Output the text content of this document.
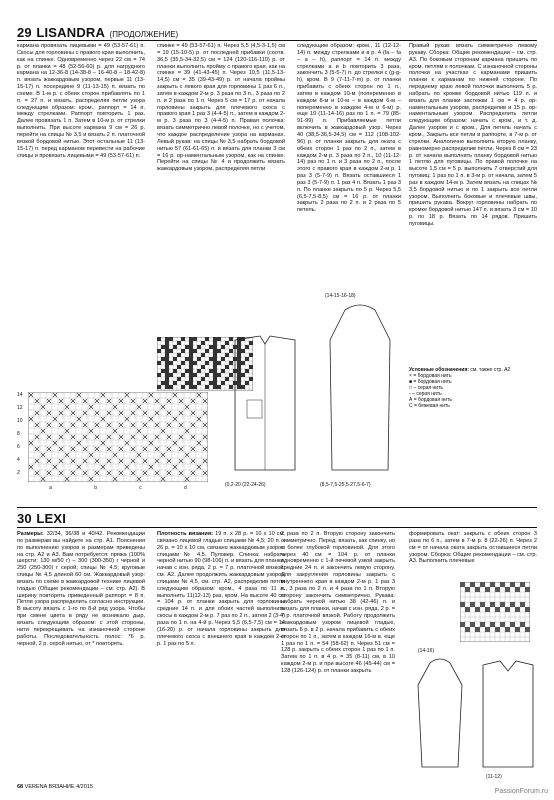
29 LISANDRA (ПРОДОЛЖЕНИЕ)
кармана провязать лицевыми = 49 (53-57-61) п. Скосы для горловины с правого края выполнить, как на спинке. Одновременно через 22 см = 74 р. от планки = 48 (52-56-60) р. для нагрудного кармана на 12-36-8 (14-38-8 – 16-40-8 – 18-42-8) п. вязать жаккардовым узором, первые 11 (13-15-17) п. посередине 9 (11-13-15) п. вязать по схеме. В 1-м р. с обеих сторон прибавлять по 1 п. = 27 п. и вязать, распределяя петли узора следующим образом: кром., раппорт = 14 п. между стрелками. Раппорт повторить 1 раз. Далее провязать 1 п. Затем в 10-м р. от стрелки выполнить. При высоте кармана 9 см = 26 р. перейти на спицы № 3,5 и вязать 2 п. платочной вязкой бордовой нитью. Этот остальные 11 (13-15-17) п. перед карманом перевести на рабочие спицы и провязать лицевыми = 49 (53-57-61) п.
спинке = 49 (53-57-61) п. Через 5,5 (4,5-3-1,5) см = 19 (15-10-5) р. от последней прибавки (соотв. 36,5 (35,5-34-32,5) см = 124 (120-116-110) р. от планки выполнить пройму с правого края, как на спинке = 39 (41-43-45) п. Через 10,5 (11,5-13-14,5) см = 35 (39-43-49) р. от начала проймы закрыть с левого края для горловины 1 раз 6 п., затем в каждом 2-м р. 3 раза по 3 п., 3 раза по 2 п. и 2 раза по 1 п. Через 5 см = 17 р. от начала горловины закрыть для плечевого скоса с правого края 1 раз 3 (4-4-5) п., затем в каждом 2-м р. 3 раза по 3 (4-4-5) п. Правая полочка: вязать симметрично левой полочке, но с учетом, что каждое распределение узора на карманах. Левый рукав: на спицы № 3,5 набрать бордовой нитью 57 (61-61-65) п. и вязать для планки 3 см = 16 р. ор-наментальным узором, как на спинке. Перейти на спицы № 4 и продолжить вязать жаккардовым узором, распределяя петли
следующим образом: кром., 11 (12-12-14) п. между стрелками и в р. 4 (fa – fa – a – h), раппорт = 14 п. между стрелками a и b повторить 3 раза, закончить 3 (5-5-7) п. до стрелки c (g-g-h), кром. В 9 (7-11-7-m) р. от планки прибавить с обеих сторон по 1 п., затем в каждом 10-м (попеременно в каждом 8-м и 10-м – в каждом 6-м – попеременно в каждом 4-м и 6-м) р. еще 10 (11-14-16) раз по 1 п. = 79 (85-91-99) п. Прибавляемые петли включить в жаккардовый узор. Через 40 (38,5-36,5-34,5) см = 112 (108-102-96) р. от планки закрыть для оката с обеих сторон 1 раз по 2 п., затем в каждом 2-м р. 3 раза по 2 п., 10 (11-12-14) раз по 1 п. и 3 раза по 2 п., после этого с правого края в каждом 2-м р. 1 раз 3 (5-7-9) п. Вязать оставшиеся 1 раз 3 (5-7-9) п. 1 раз 4 п. Вязать 1 раз 3 п. По планке закрыть по 5 р. Через 5,5 (6,5-7,5-8,5) см = 16 р. от планки закрыть 2 раза по 2 п. и 2 раза по 5 петель.
Правый рукав: вязать симметрично левому рукаву. Сборка: Общие рекомендации – см. стр. А3. По боковым сторонам кармана пришить по кром. петлям к полочкам. С изнаночной стороны полочки на участках с карманами пришить планки к карманам по нижней стороне. По переднему краю левой полочки выполнить 5 р. набрать по кромке бордовой нитью 119 п. и вязать для планки застежки 1 см = 4 р. ор-наментальным узором, распределив и 15 р. ор-наментальным узором. Распределить петли следующим образом: начать с кром., и т. д. Далее узором и с кром., Для петель начать с кром., Закрыть все петли в раппорте, в 7-м р. от стрелки. Аналогично выполнить вторую планку, равномерно распределив петли. Через 8 см = 23 р. от начала выполнить планку бордовой нитью 1 петлю для пуговицы. По правой полочке на высоте 1,5 см = 5 р. выполнить 7 отверстий для пуговиц: 1 раз по 1 п. в 3-м р. от начала, затем 5 раз в каждом 14-м р. Затем вязать на спицах № 3,5 бордовой нитью и по 1 закрыть все петли узором. Выполнить боковые и плечевые швы, пришить рукава. Вокруг горловины набрать по кромке бордовой нитью 147 п. и вязать 3 см = 10 р. по 18 р. Вязать по 14 рядов. Пришить пуговицы.
14
12
10
8
6
4
2
a	b	c	d	(0,2-20 (22-24-26)
(14-15-16-18)
(8,5-7,5-25,5-27,5-6-7)
Условные обозначения: см. также стр. A2
× = бордовая нить
■ = бордовая нить
□ – серая нить
◦ – серая нить
А = бордовая нить
С = бежевая нить
30 LEXI
Размеры: 32/34, 36/38 и 40/42. Рекомендации по размерам вы найдете на стр. А1. Пояснения по выполнению узоров и размерам приведены на стр. А2 и А3. Вам потребуется: пряжа (100% шерсти; 130 м/50 г) – 300 (300-350) г черной и 250 (250-300) г серой; спицы № 4,5; круговые спицы № 4,5 длиной 60 см. Жаккардовый узор: вязать по схеме в жаккардовой технике лицевой гладью (Общие рекомендации – см. стр. А2). В ширину повторять приведенный раппорт = 8 п. Петли узора распределить согласно инструкции. В высоту вязать с 1-го по 8-й ряд узора. Чтобы при смене цвета в ряду не возникало дыр, вязать следующим образом: с этой стороны, нити перекрещивать на изнаночной стороне работы. Последовательность полос: *6 р. черной, 2 р. серой нитью, от * повторять.
Плотность вязания: 19 п. х 28 р. = 10 х 10 см, связано лицевой гладью спицами № 4,5; 20 п. х 26 р. = 10 х 10 см, связано жаккардовым узором спицами № 4,5. Пуловер. Спинка: набрать черной нитью 90 (98-106) п. и вязать для планки, начав с изн. ряда, 2 р. = 7 р. платочной вязкой, см. А2. Далее продолжить жаккардовым узором спицами № 4,5, см. стр. А2, распределив петли следующим образом: кром., 4 раза по 11 п. выполнить 11(12-13) раз, кром. На высоте 40 см = 104 р. от планки закрыть для горловины средние 14 п. и для обоих частей выполнить скосы в каждом 2-м р. 7 раз по 2 п., затем 2 (3-4) раза по 1 п. на 4-й р. Через 5,5 (6,5-7,5) см = 14 (16-20) р. от начала горловины закрыть для плечевого скоса с внешнего края в каждом 2-м р. 1 раз по 5 п.
2 раза по 2 п. Вторую сторону закончить симметрично. Перед: вязать, как спинку, но с более глубокой горловиной. Для этого через 40 см = 104 р. от планки одновременно с 1-й печевой узкой закрыть средние 24 п. и закончить левую сторону. Для закругления горловины закрыть с внутреннего края в каждом 2-м р. 1 раз 3 п., 3 раза по 2 п. и 4 раза по 1 п. Вторую сторону закончить симметрично. Рукава: набрать черной нитью 38 (42-46) п. и вязать для планки, начав с изн. ряда, 2 р. = 7 р. платочной вязкой. Работу продолжить жаккардовым узором лицевой гладью, вязать 6 р. в 2 р. начала прибавить с обеих сторон по 1 п., затем в каждом 16-м в. еще 1 раз по 1 п. = 54 (58-62) п. Через 51 см = 128 р. закрыть с обеих сторон 1 раз по 1 п. Затем по 1 п. в 4 р. = 35 (8-11) см, в 10 каждом 2-м р. и при высоте 46 (45-44) см = 128 (126-124) р. от планки закрыть
формировать окат: закрыть с обеих сторон 3 раза по 6 п., затем в 7-м р. 8 (22-26) п. Через 2 см = от начала оката закрыть оставшиеся петли узором. Сборка: Общие рекомендации – см. стр. А3. Выполнить плечевые
(14-16)
(11-12)
68 VERENA ВЯЗАНИЕ 4/2015
PassionForum.ru
